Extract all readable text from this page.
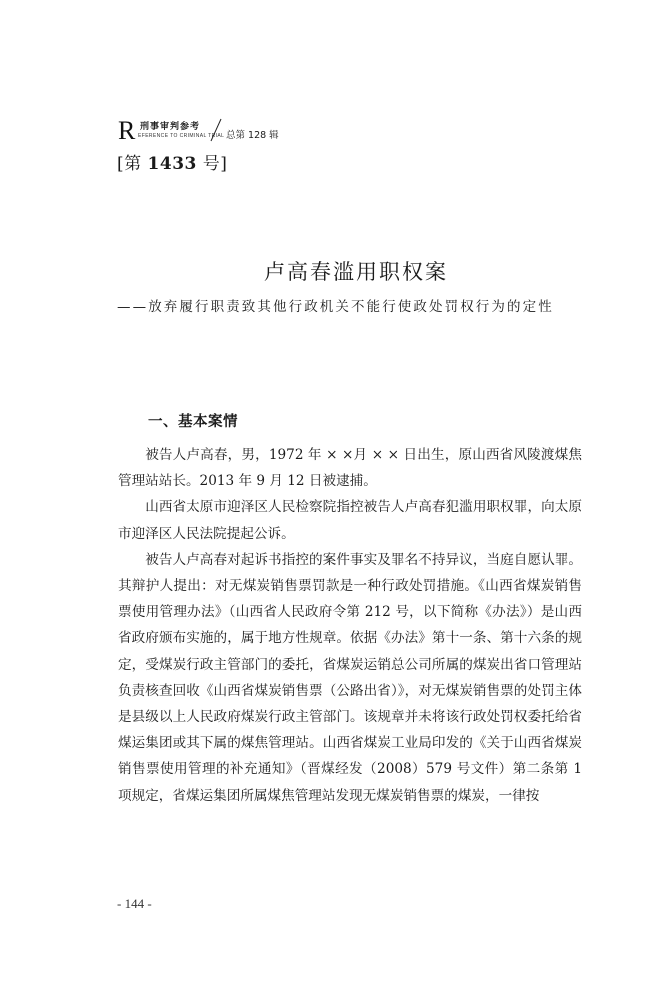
R 刑事审判参考
EFERENCE TO CRIMINAL TRIAL 总第 128 辑
[第 1433 号]
卢高春滥用职权案
——放弃履行职责致其他行政机关不能行使政处罚权行为的定性
一、基本案情

被告人卢高春，男，1972 年 × ×月 × × 日出生，原山西省风陵渡煤焦管理站站长。2013 年 9 月 12 日被逮捕。

山西省太原市迎泽区人民检察院指控被告人卢高春犯滥用职权罪，向太原市迎泽区人民法院提起公诉。

被告人卢高春对起诉书指控的案件事实及罪名不持异议，当庭自愿认罪。其辩护人提出：对无煤炭销售票罚款是一种行政处罚措施。《山西省煤炭销售票使用管理办法》（山西省人民政府令第 212 号，以下简称《办法》）是山西省政府颁布实施的，属于地方性规章。依据《办法》第十一条、第十六条的规定，受煤炭行政主管部门的委托，省煤炭运销总公司所属的煤炭出省口管理站负责核查回收《山西省煤炭销售票（公路出省）》，对无煤炭销售票的处罚主体是县级以上人民政府煤炭行政主管部门。该规章并未将该行政处罚权委托给省煤运集团或其下属的煤焦管理站。山西省煤炭工业局印发的《关于山西省煤炭销售票使用管理的补充通知》（晋煤经发（2008）579 号文件）第二条第 1 项规定，省煤运集团所属煤焦管理站发现无煤炭销售票的煤炭，一律按

- 144 -
